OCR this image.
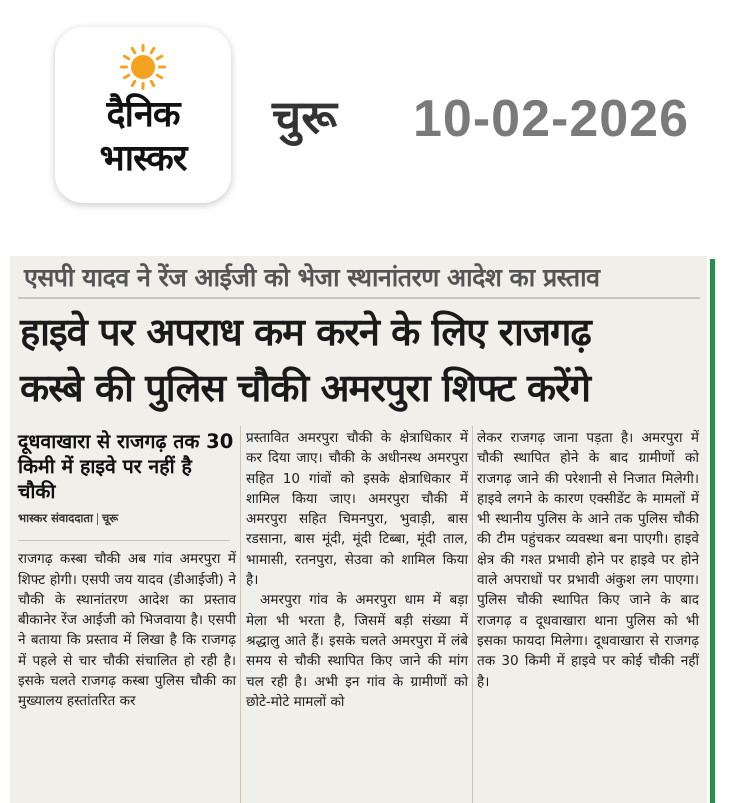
दैनिक
भास्कर
चुरू 10-02-2026
एसपी यादव ने रेंज आईजी को भेजा स्थानांतरण आदेश का प्रस्ताव
हाइवे पर अपराध कम करने के लिए राजगढ़
कस्बे की पुलिस चौकी अमरपुरा शिफ्ट करेंगे
दूधवाखारा से राजगढ़ तक 30 किमी में हाइवे पर नहीं है चौकी
भास्कर संवाददाता चूरू

राजगढ़ कस्बा चौकी अब गांव अमरपुरा में शिफ्ट होगी। एसपी जय यादव (डीआईजी) ने चौकी के स्थानांतरण आदेश का प्रस्ताव बीकानेर रेंज आईजी को भिजवाया है। एसपी ने बताया कि प्रस्ताव में लिखा है कि राजगढ़ में पहले से चार चौकी संचालित हो रही है। इसके चलते राजगढ़ कस्बा पुलिस चौकी का मुख्यालय हस्तांतरित कर

प्रस्तावित अमरपुरा चौकी के क्षेत्राधिकार में कर दिया जाए। चौकी के अधीनस्थ अमरपुरा सहित 10 गांवों को इसके क्षेत्राधिकार में शामिल किया जाए। अमरपुरा चौकी में अमरपुरा सहित चिमनपुरा, भुवाड़ी, बास रडसाना, बास मूंदी, मूंदी टिब्बा, मूंदी ताल, भामासी, रतनपुरा, सेउवा को शामिल किया है।

अमरपुरा गांव के अमरपुरा धाम में बड़ा मेला भी भरता है, जिसमें बड़ी संख्या में श्रद्धालु आते हैं। इसके चलते अमरपुरा में लंबे समय से चौकी स्थापित किए जाने की मांग चल रही है। अभी इन गांव के ग्रामीणों को छोटे-मोटे मामलों को

लेकर राजगढ़ जाना पड़ता है। अमरपुरा में चौकी स्थापित होने के बाद ग्रामीणों को राजगढ़ जाने की परेशानी से निजात मिलेगी। हाइवे लगने के कारण एक्सीडेंट के मामलों में भी स्थानीय पुलिस के आने तक पुलिस चौकी की टीम पहुंचकर व्यवस्था बना पाएगी। हाइवे क्षेत्र की गश्त प्रभावी होने पर हाइवे पर होने वाले अपराधों पर प्रभावी अंकुश लग पाएगा। पुलिस चौकी स्थापित किए जाने के बाद राजगढ़ व दूधवाखारा थाना पुलिस को भी इसका फायदा मिलेगा। दूधवाखारा से राजगढ़ तक 30 किमी में हाइवे पर कोई चौकी नहीं है।
